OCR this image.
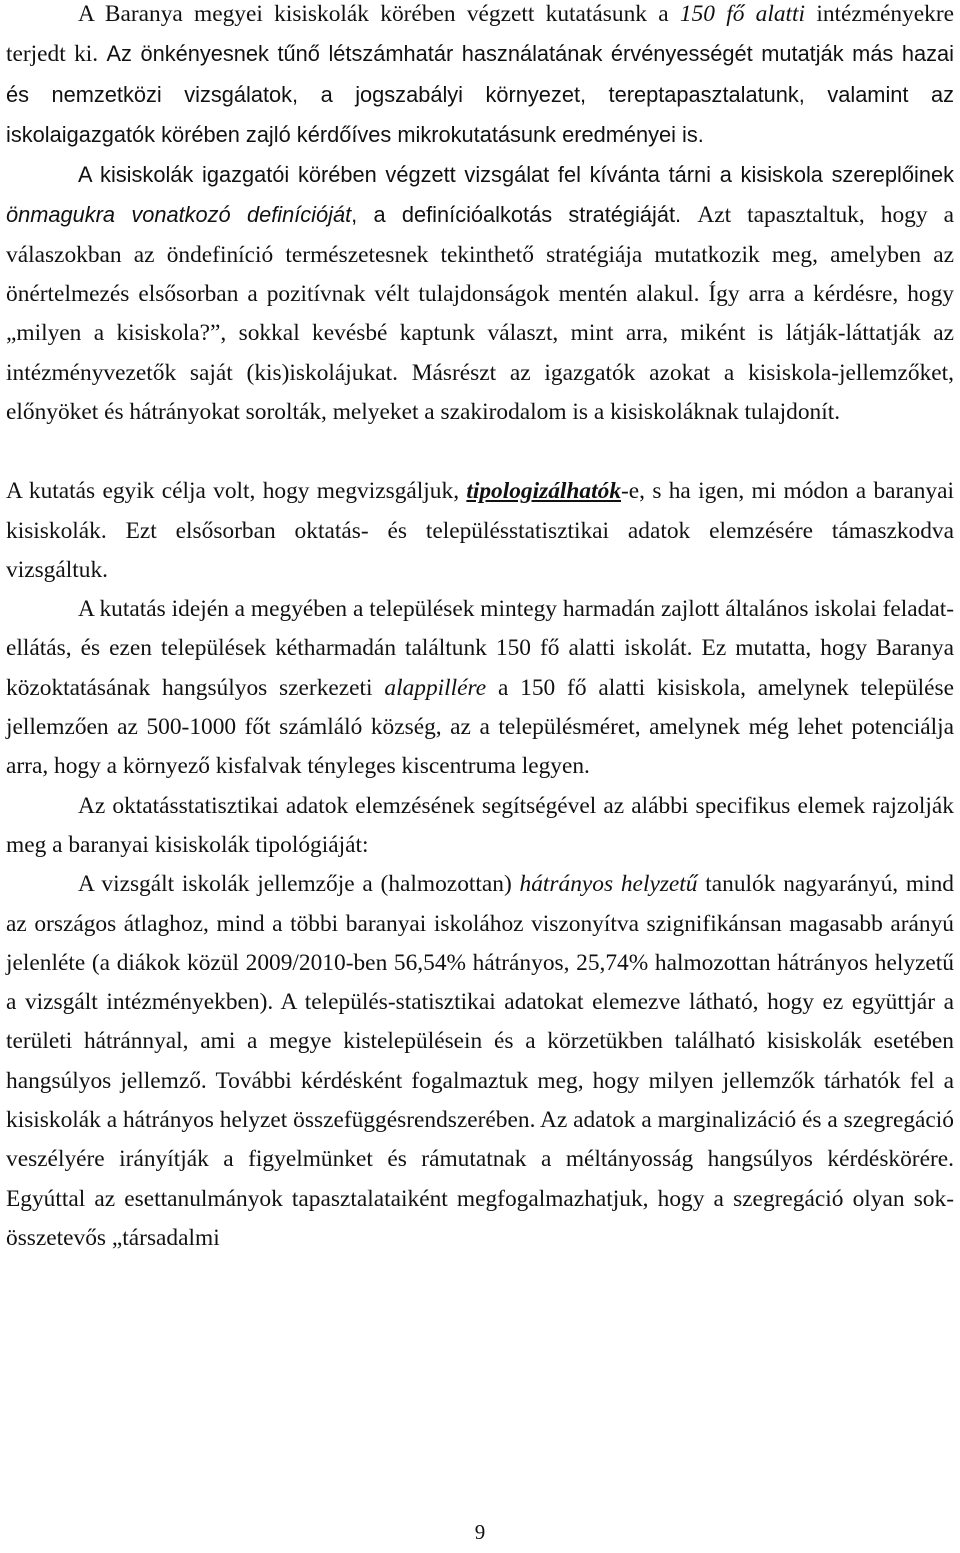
A Baranya megyei kisiskolák körében végzett kutatásunk a 150 fő alatti intézményekre terjedt ki. Az önkényesnek tűnő létszámhatár használatának érvényességét mutatják más hazai és nemzetközi vizsgálatok, a jogszabályi környezet, tereptapasztalatunk, valamint az iskolaigazgatók körében zajló kérdőíves mikrokutatásunk eredményei is.

A kisiskolák igazgatói körében végzett vizsgálat fel kívánta tárni a kisiskola szereplőinek önmagukra vonatkozó definícióját, a definícióalkotás stratégiáját. Azt tapasztaltuk, hogy a válaszokban az öndefiníció természetesnek tekinthető stratégiája mutatkozik meg, amelyben az önértelmezés elsősorban a pozitívnak vélt tulajdonságok mentén alakul. Így arra a kérdésre, hogy „milyen a kisiskola?”, sokkal kevésbé kaptunk választ, mint arra, miként is látják-láttatják az intézményvezetők saját (kis)iskolájukat. Másrészt az igazgatók azokat a kisiskola-jellemzőket, előnyöket és hátrányokat sorolták, melyeket a szakirodalom is a kisiskoláknak tulajdonít.

A kutatás egyik célja volt, hogy megvizsgáljuk, tipologizálhatók-e, s ha igen, mi módon a baranyai kisiskolák. Ezt elsősorban oktatás- és településstatisztikai adatok elemzésére támaszkodva vizsgáltuk.

A kutatás idején a megyében a települések mintegy harmadán zajlott általános iskolai feladat-ellátás, és ezen települések kétharmadán találtunk 150 fő alatti iskolát. Ez mutatta, hogy Baranya közoktatásának hangsúlyos szerkezeti alappillére a 150 fő alatti kisiskola, amelynek települése jellemzően az 500-1000 főt számláló község, az a településméret, amelynek még lehet potenciálja arra, hogy a környező kisfalvak tényleges kiscentruma legyen.

Az oktatásstatisztikai adatok elemzésének segítségével az alábbi specifikus elemek rajzolják meg a baranyai kisiskolák tipológiáját:

A vizsgált iskolák jellemzője a (halmozottan) hátrányos helyzetű tanulók nagyarányú, mind az országos átlaghoz, mind a többi baranyai iskolához viszonyítva szignifikánsan magasabb arányú jelenléte (a diákok közül 2009/2010-ben 56,54% hátrányos, 25,74% halmozottan hátrányos helyzetű a vizsgált intézményekben). A település-statisztikai adatokat elemezve látható, hogy ez együttjár a területi hátránnyal, ami a megye kistelepülésein és a körzetükben található kisiskolák esetében hangsúlyos jellemző. További kérdésként fogalmaztuk meg, hogy milyen jellemzők tárhatók fel a kisiskolák a hátrányos helyzet összefüggésrendszerében. Az adatok a marginalizáció és a szegregáció veszélyére irányítják a figyelmünket és rámutatnak a méltányosság hangsúlyos kérdéskörére. Egyúttal az esettanulmányok tapasztalataiként megfogalmazhatjuk, hogy a szegregáció olyan sok-összetevős „társadalmi

9
